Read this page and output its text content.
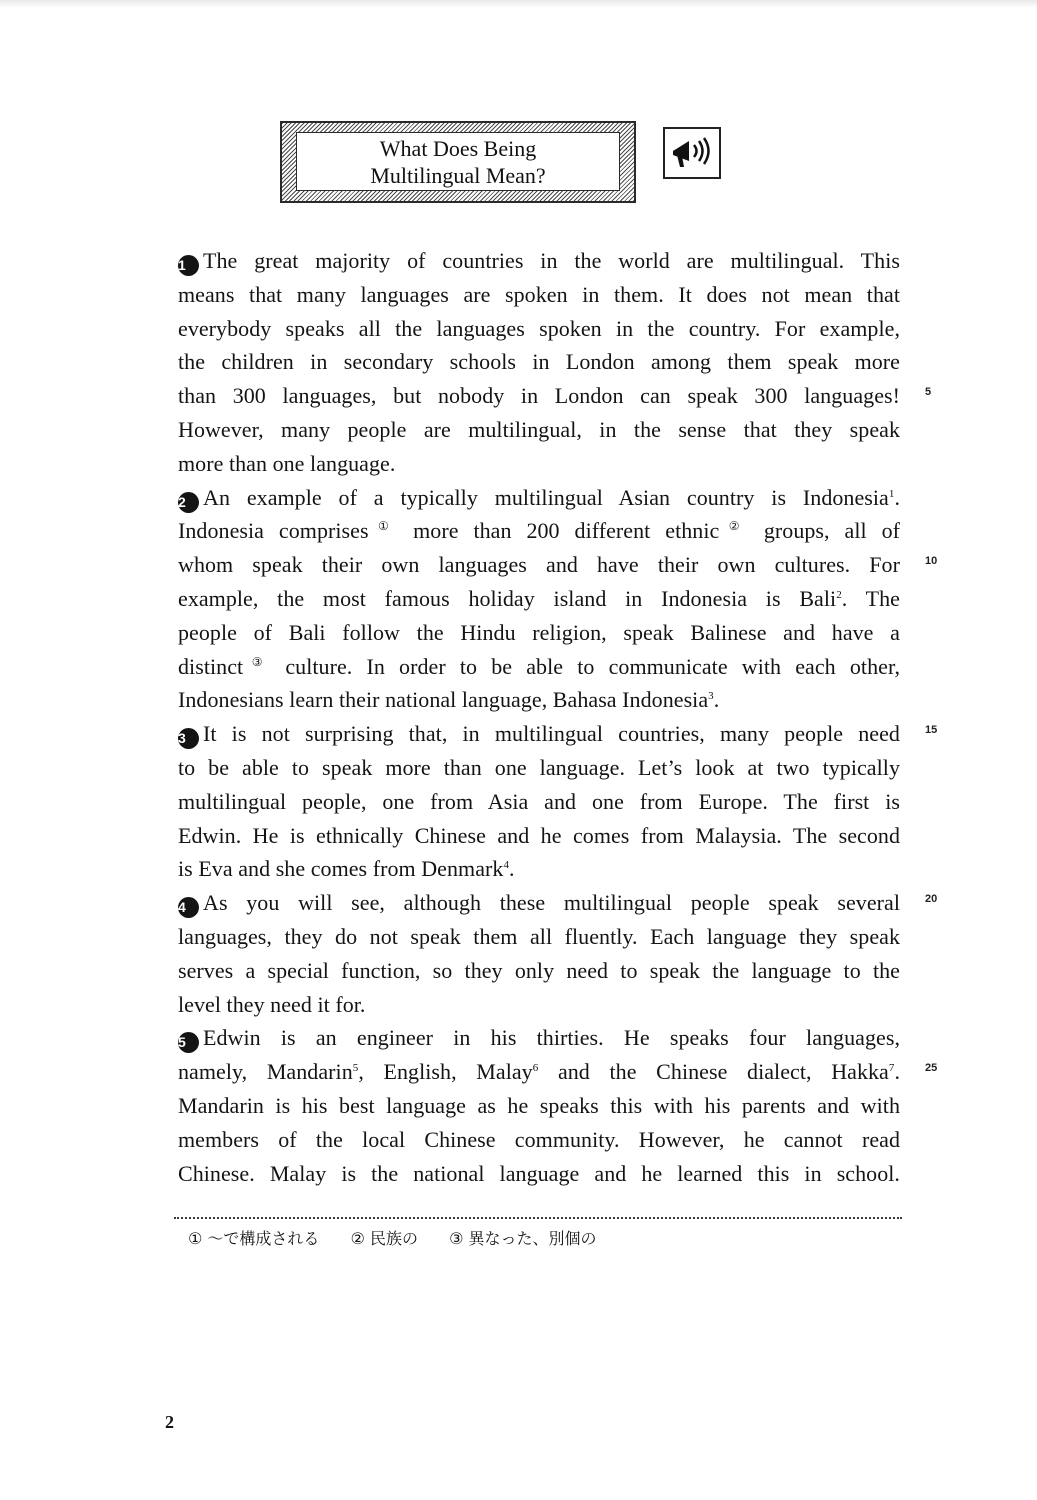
What Does Being
Multilingual Mean?
1 The great majority of countries in the world are multilingual. This
means that many languages are spoken in them. It does not mean that
everybody speaks all the languages spoken in the country. For example,
the children in secondary schools in London among them speak more
than 300 languages, but nobody in London can speak 300 languages!
However, many people are multilingual, in the sense that they speak
more than one language.
2 An example of a typically multilingual Asian country is Indonesia$^1$.
Indonesia comprises① more than 200 different ethnic② groups, all of
whom speak their own languages and have their own cultures. For
example, the most famous holiday island in Indonesia is Bali$^2$. The
people of Bali follow the Hindu religion, speak Balinese and have a
distinct③ culture. In order to be able to communicate with each other,
Indonesians learn their national language, Bahasa Indonesia$^3$.
3 It is not surprising that, in multilingual countries, many people need
to be able to speak more than one language. Let’s look at two typically
multilingual people, one from Asia and one from Europe. The first is
Edwin. He is ethnically Chinese and he comes from Malaysia. The second
is Eva and she comes from Denmark$^4$.
4 As you will see, although these multilingual people speak several
languages, they do not speak them all fluently. Each language they speak
serves a special function, so they only need to speak the language to the
level they need it for.
5 Edwin is an engineer in his thirties. He speaks four languages,
namely, Mandarin$^5$, English, Malay$^6$ and the Chinese dialect, Hakka$^7$.
Mandarin is his best language as he speaks this with his parents and with
members of the local Chinese community. However, he cannot read
Chinese. Malay is the national language and he learned this in school.
5
10
15
20
25
① ～で構成される ② 民族の ③ 異なった、別個の
2
